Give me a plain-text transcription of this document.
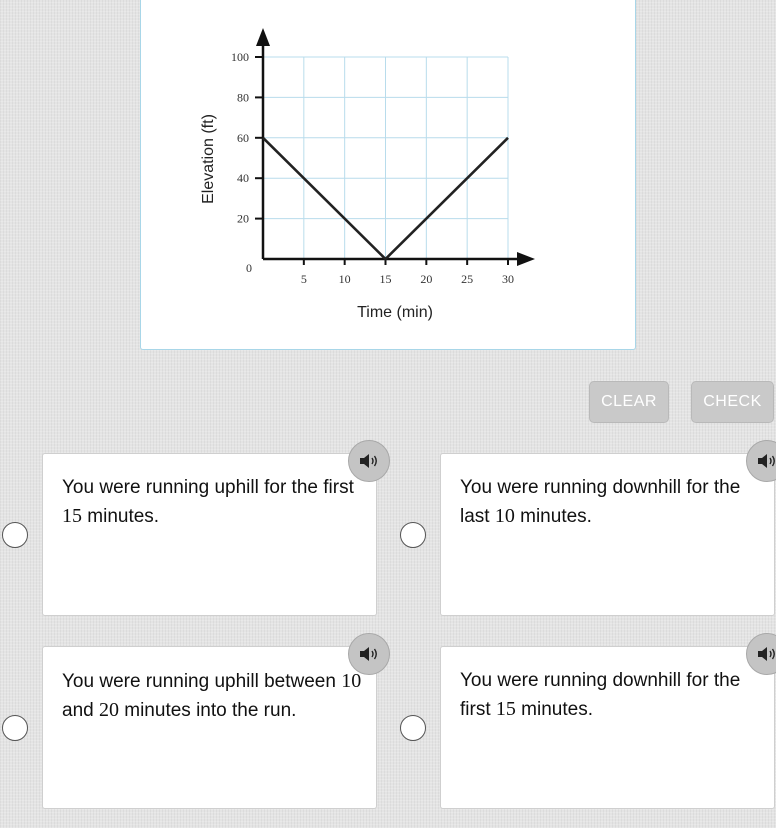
20
40
60
80
100
5	10 15 20 25 30
0
Elevation (ft)
Time (min)
CLEAR	CHECK
You were running uphill for the first 15 minutes.
You were running downhill for the last 10 minutes.
You were running uphill between 10 and 20 minutes into the run.
You were running downhill for the first 15 minutes.
